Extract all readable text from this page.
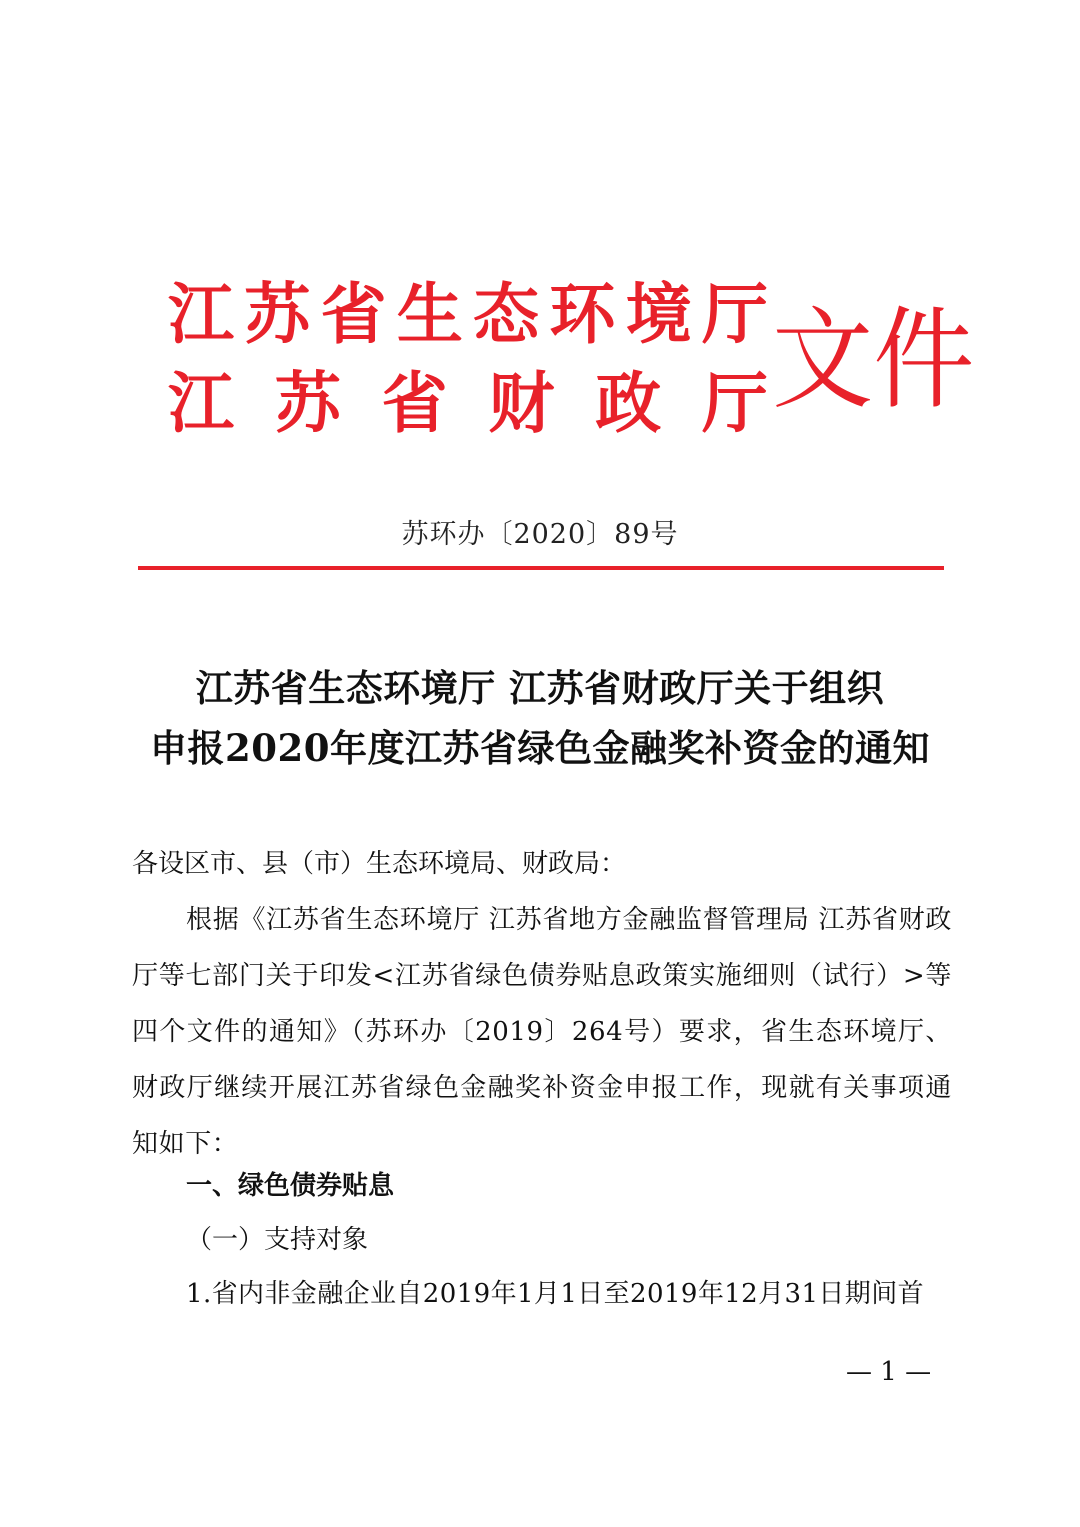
江 苏 省 生 态 环 境 厅
江 苏 省 财 政 厅 文件
苏环办〔2020〕89号
江苏省生态环境厅 江苏省财政厅关于组织
申报2020年度江苏省绿色金融奖补资金的通知
各设区市、县（市）生态环境局、财政局：
根据《江苏省生态环境厅 江苏省地方金融监督管理局 江苏省财政厅等七部门关于印发<江苏省绿色债券贴息政策实施细则（试行）>等四个文件的通知》（苏环办〔2019〕264号）要求，省生态环境厅、财政厅继续开展江苏省绿色金融奖补资金申报工作，现就有关事项通知如下：
一、绿色债券贴息
（一）支持对象
1.省内非金融企业自2019年1月1日至2019年12月31日期间首
— 1 —
